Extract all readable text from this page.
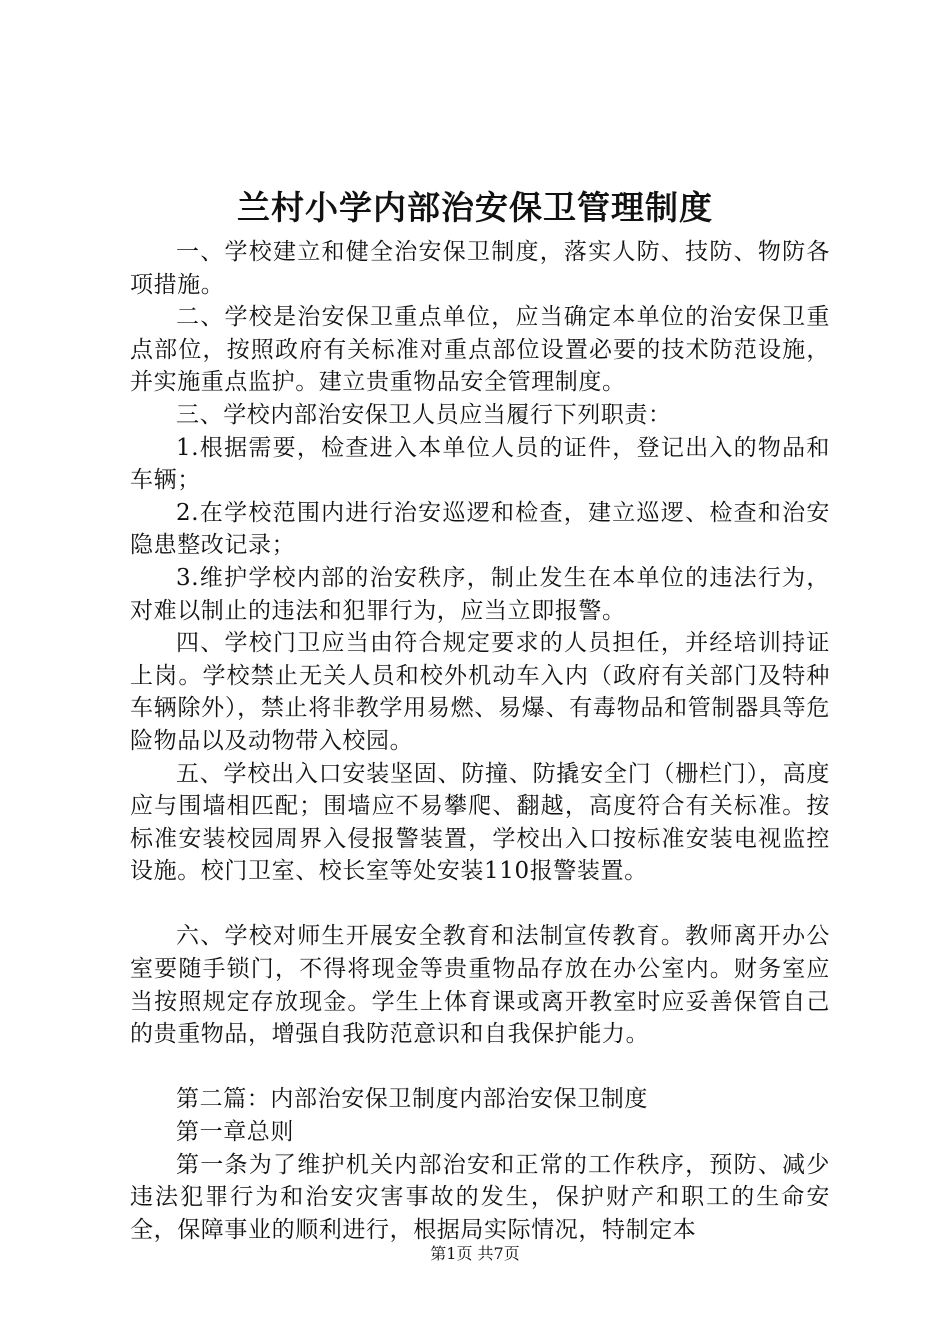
兰村小学内部治安保卫管理制度

一、学校建立和健全治安保卫制度，落实人防、技防、物防各项措施。

二、学校是治安保卫重点单位，应当确定本单位的治安保卫重点部位，按照政府有关标准对重点部位设置必要的技术防范设施，并实施重点监护。建立贵重物品安全管理制度。

三、学校内部治安保卫人员应当履行下列职责：

1.根据需要，检查进入本单位人员的证件，登记出入的物品和车辆；

2.在学校范围内进行治安巡逻和检查，建立巡逻、检查和治安隐患整改记录；

3.维护学校内部的治安秩序，制止发生在本单位的违法行为，对难以制止的违法和犯罪行为，应当立即报警。

四、学校门卫应当由符合规定要求的人员担任，并经培训持证上岗。学校禁止无关人员和校外机动车入内（政府有关部门及特种车辆除外），禁止将非教学用易燃、易爆、有毒物品和管制器具等危险物品以及动物带入校园。

五、学校出入口安装坚固、防撞、防撬安全门（栅栏门），高度应与围墙相匹配；围墙应不易攀爬、翻越，高度符合有关标准。按标准安装校园周界入侵报警装置，学校出入口按标准安装电视监控设施。校门卫室、校长室等处安装110报警装置。

六、学校对师生开展安全教育和法制宣传教育。教师离开办公室要随手锁门，不得将现金等贵重物品存放在办公室内。财务室应当按照规定存放现金。学生上体育课或离开教室时应妥善保管自己的贵重物品，增强自我防范意识和自我保护能力。

第二篇：内部治安保卫制度内部治安保卫制度

第一章总则

第一条为了维护机关内部治安和正常的工作秩序，预防、减少违法犯罪行为和治安灾害事故的发生，保护财产和职工的生命安全，保障事业的顺利进行，根据局实际情况，特制定本

第1页 共7页
